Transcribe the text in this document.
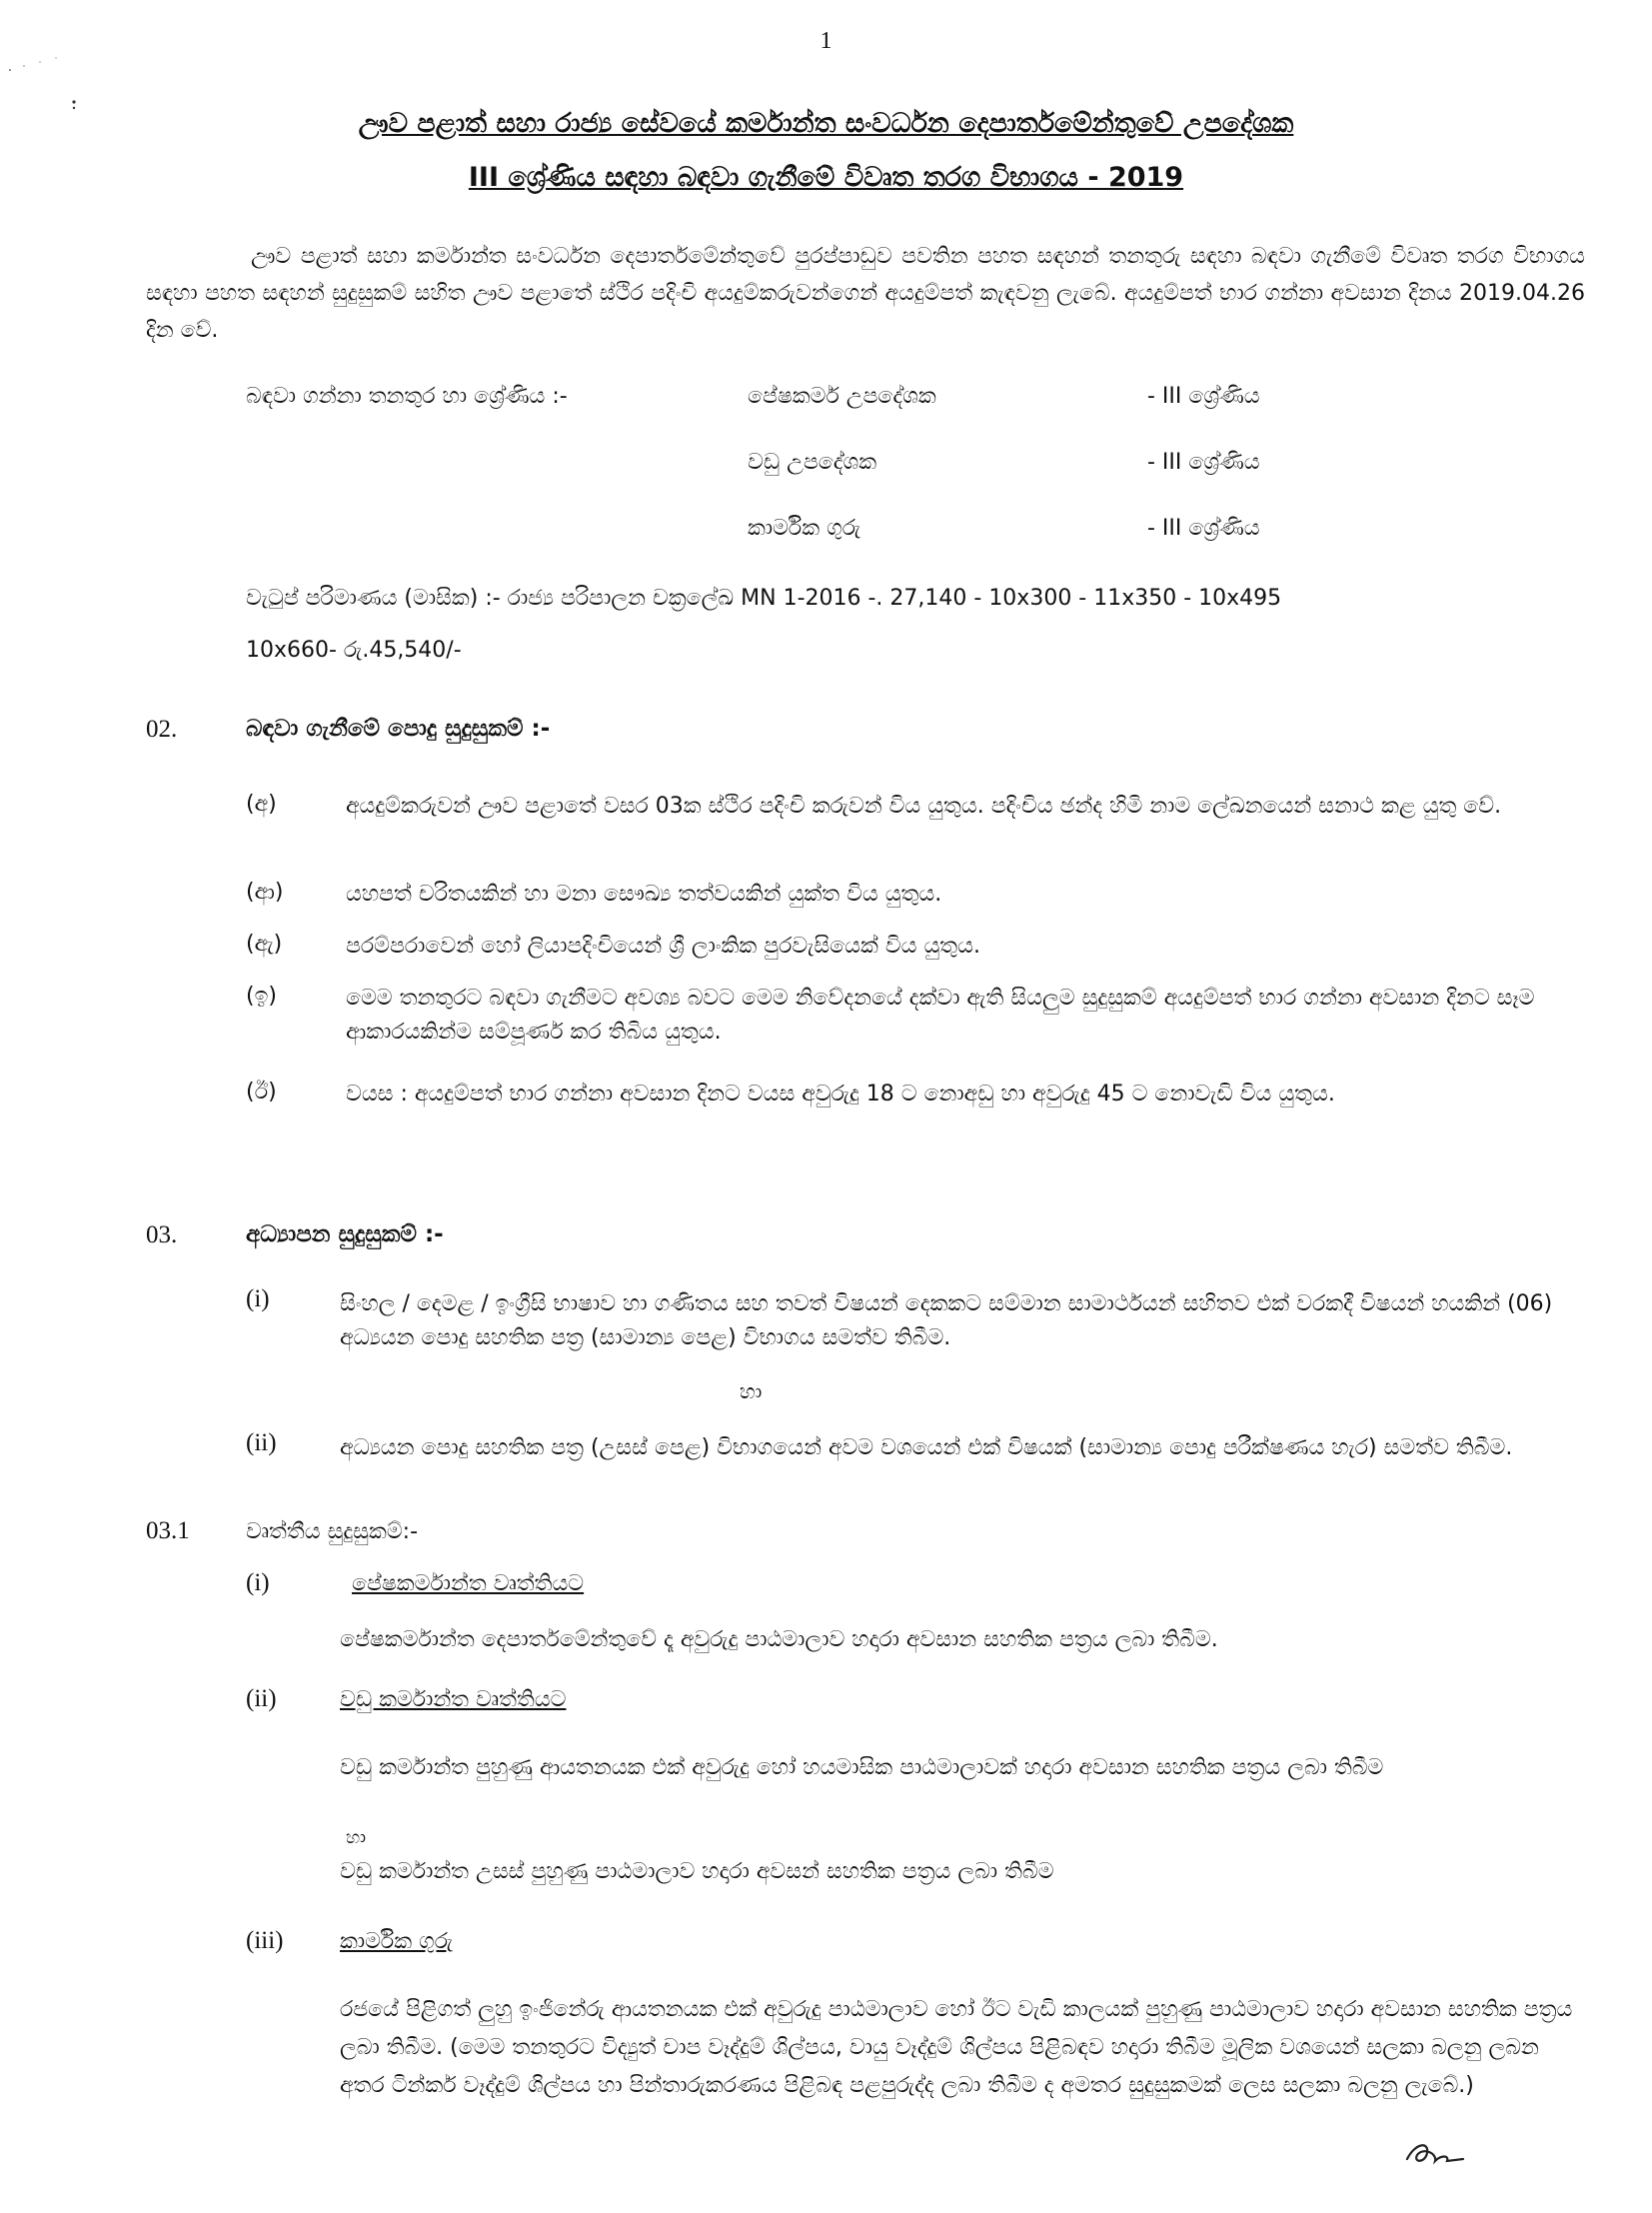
1
ඌව පළාත් සහා රාජ්‍ය සේවයේ කර්මාන්ත සංවර්ධන දෙපාර්තමේන්තුවේ උපදේශක
III ශ්‍රේණිය සඳහා බඳවා ගැනීමේ විවෘත තරග විභාගය - 2019
ඌව පළාත් සහා කර්මාන්ත සංවර්ධන දෙපාර්තමේන්තුවේ පුරප්පාඩුව පවතින පහත සඳහන් තනතුරු සඳහා බඳවා ගැනීමේ විවෘත තරග විභාගය සඳහා පහත සඳහන් සුදුසුකම් සහිත ඌව පළාතේ ස්ථිර පදිංචි අයදුම්කරුවන්ගෙන් අයදුම්පත් කැඳවනු ලැබේ. අයදුම්පත් භාර ගන්නා අවසාන දිනය 2019.04.26 දින වේ.
බඳවා ගන්නා තනතුර හා ශ්‍රේණිය :-	පේෂකර්ම උපදේශක	- III ශ්‍රේණිය
වඩු උපදේශක	- III ශ්‍රේණිය
කාර්මික ගුරු	- III ශ්‍රේණිය
වැටුප් පරිමාණය (මාසික) :- රාජ්‍ය පරිපාලන චක්‍රලේඛ MN 1-2016 -. 27,140 - 10x300 - 11x350 - 10x495
10x660- රු.45,540/-
02.	බඳවා ගැනීමේ පොදු සුදුසුකම් :-
(අ)	අයදුම්කරුවන් ඌව පළාතේ වසර 03ක ස්ථිර පදිංචි කරුවන් විය යුතුය. පදිංචිය ඡන්ද හිමි නාම ලේඛනයෙන් සනාථ කළ යුතු වේ.
(ආ)	යහපත් චරිතයකින් හා මනා සෞඛ්‍ය තත්වයකින් යුක්ත විය යුතුය.
(ඇ)	පරම්පරාවෙන් හෝ ලියාපදිංචියෙන් ශ්‍රී ලාංකික පුරවැසියෙක් විය යුතුය.
(ඉ)	මෙම තනතුරට බඳවා ගැනීමට අවශ්‍ය බවට මෙම නිවේදනයේ දක්වා ඇති සියලුම සුදුසුකම් අයදුම්පත් භාර ගන්නා අවසාන දිනට සෑම ආකාරයකින්ම සම්පූර්ණ කර තිබිය යුතුය.
(ඊ)	වයස : අයදුම්පත් භාර ගන්නා අවසාන දිනට වයස අවුරුදු 18 ට නොඅඩු හා අවුරුදු 45 ට නොවැඩි විය යුතුය.
03.	අධ්‍යාපන සුදුසුකම් :-
(i)	සිංහල / දෙමළ / ඉංග්‍රීසි භාෂාව හා ගණිතය සහ තවත් විෂයන් දෙකකට සම්මාන සාමාර්ථයන් සහිතව එක් වරකදී විෂයන් හයකින් (06) අධ්‍යයන පොදු සහතික පත්‍ර (සාමාන්‍ය පෙළ) විභාගය සමත්ව තිබීම.
හා
(ii)	අධ්‍යයන පොදු සහතික පත්‍ර (උසස් පෙළ) විභාගයෙන් අවම වශයෙන් එක් විෂයක් (සාමාන්‍ය පොදු පරීක්ෂණය හැර) සමත්ව තිබීම.
03.1	වෘත්තීය සුදුසුකම්:-
(i)	පේෂකර්මාන්ත වෘත්තියට
පේෂකර්මාන්ත දෙපාර්තමේන්තුවේ දෑ අවුරුදු පාඨමාලාව හදාරා අවසාන සහතික පත්‍රය ලබා තිබීම.
(ii)	වඩු කර්මාන්ත වෘත්තියට
වඩු කර්මාන්ත පුහුණු ආයතනයක එක් අවුරුදු හෝ හයමාසික පාඨමාලාවක් හදාරා අවසාන සහතික පත්‍රය ලබා තිබීම
හා
වඩු කර්මාන්ත උසස් පුහුණු පාඨමාලාව හදාරා අවසන් සහතික පත්‍රය ලබා තිබීම
(iii)	කාර්මික ගුරු
රජයේ පිළිගත් ලුහු ඉංජිනේරු ආයතනයක එක් අවුරුදු පාඨමාලාව හෝ ඊට වැඩි කාලයක් පුහුණු පාඨමාලාව හදාරා අවසාන සහතික පත්‍රය ලබා තිබීම. (මෙම තනතුරට විද්‍යුත් චාප වෑද්දුම් ශිල්පය, වායු වෑද්දුම් ශිල්පය පිළිබඳව හදාරා තිබීම මූලික වශයෙන් සලකා බලනු ලබන අතර ටින්කර් වෑද්දුම් ශිල්පය හා පින්තාරුකරණය පිළිබඳ පළපුරුද්ද ලබා තිබීම ද අමතර සුදුසුකමක් ලෙස සලකා බලනු ලැබේ.)
